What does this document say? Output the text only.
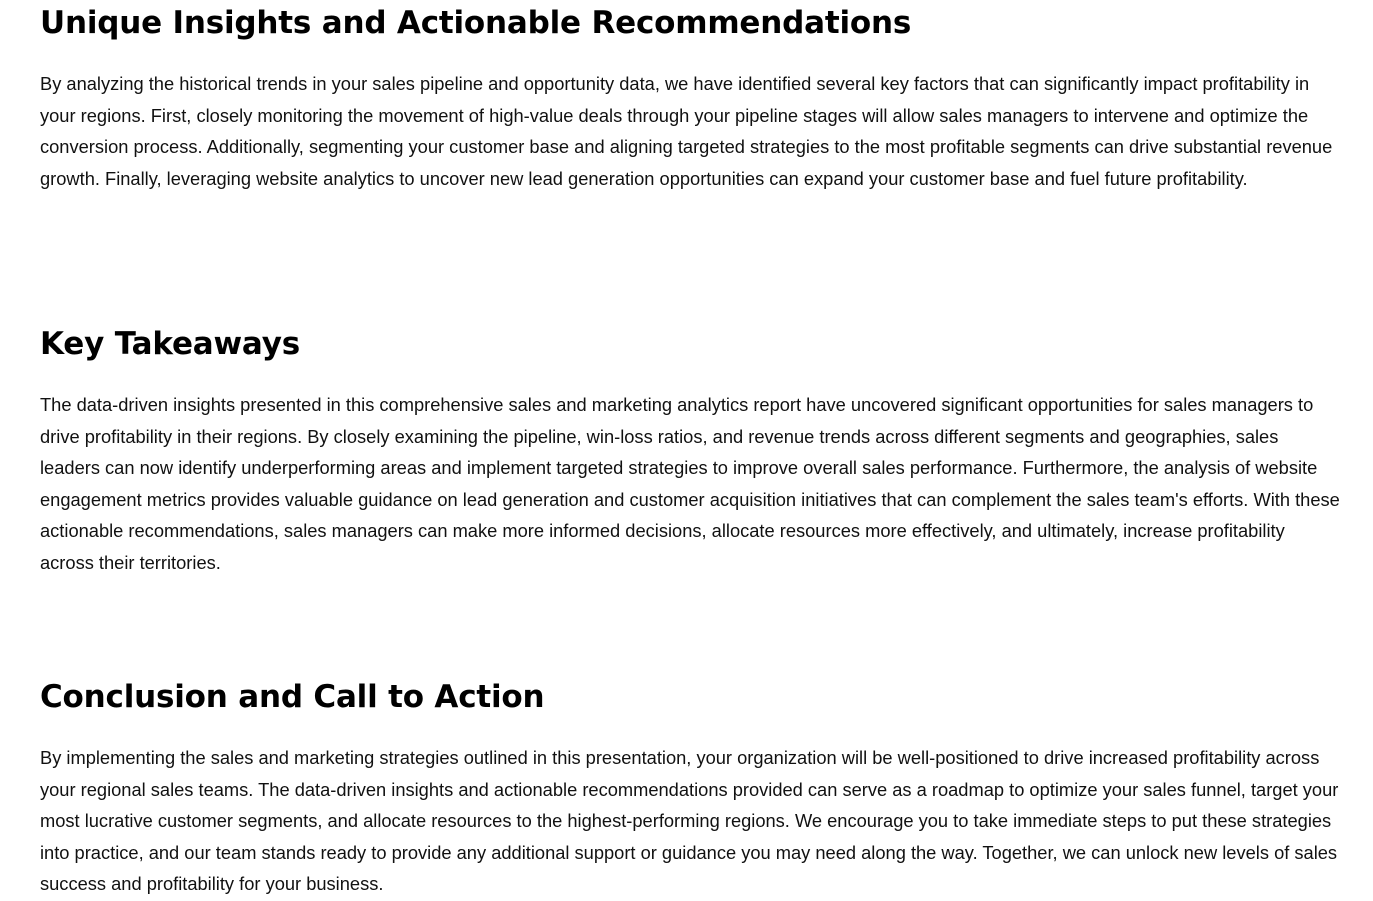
Unique Insights and Actionable Recommendations

By analyzing the historical trends in your sales pipeline and opportunity data, we have identified several key factors that can significantly impact profitability in your regions. First, closely monitoring the movement of high-value deals through your pipeline stages will allow sales managers to intervene and optimize the conversion process. Additionally, segmenting your customer base and aligning targeted strategies to the most profitable segments can drive substantial revenue growth. Finally, leveraging website analytics to uncover new lead generation opportunities can expand your customer base and fuel future profitability.

Key Takeaways

The data-driven insights presented in this comprehensive sales and marketing analytics report have uncovered significant opportunities for sales managers to drive profitability in their regions. By closely examining the pipeline, win-loss ratios, and revenue trends across different segments and geographies, sales leaders can now identify underperforming areas and implement targeted strategies to improve overall sales performance. Furthermore, the analysis of website engagement metrics provides valuable guidance on lead generation and customer acquisition initiatives that can complement the sales team's efforts. With these actionable recommendations, sales managers can make more informed decisions, allocate resources more effectively, and ultimately, increase profitability across their territories.

Conclusion and Call to Action

By implementing the sales and marketing strategies outlined in this presentation, your organization will be well-positioned to drive increased profitability across your regional sales teams. The data-driven insights and actionable recommendations provided can serve as a roadmap to optimize your sales funnel, target your most lucrative customer segments, and allocate resources to the highest-performing regions. We encourage you to take immediate steps to put these strategies into practice, and our team stands ready to provide any additional support or guidance you may need along the way. Together, we can unlock new levels of sales success and profitability for your business.
